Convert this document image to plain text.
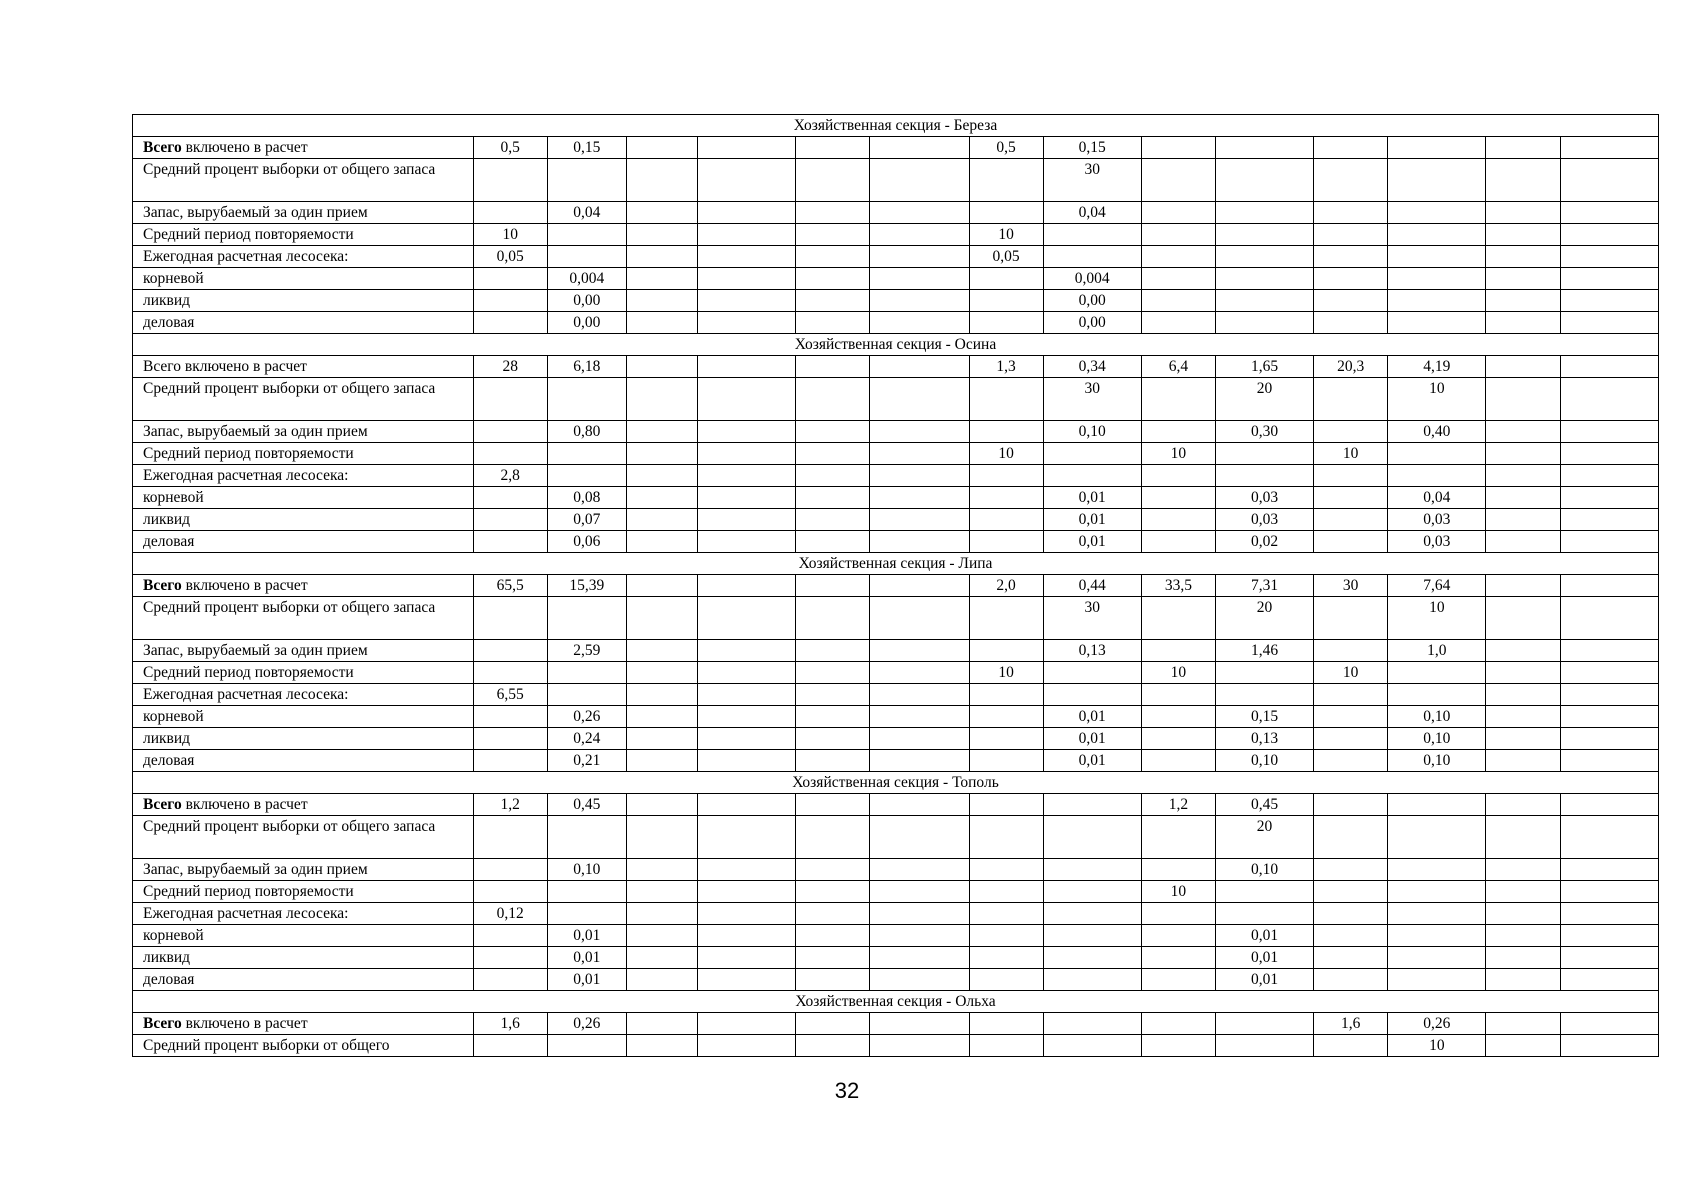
Хозяйственная секция - Береза														
Всего включено в расчет	0,5	0,15					0,5	0,15						
Средний процент выборки от общего запаса								30						
Запас, вырубаемый за один прием		0,04						0,04						
Средний период повторяемости	10						10							
Ежегодная расчетная лесосека:	0,05						0,05							
корневой		0,004						0,004						
ликвид		0,00						0,00						
деловая		0,00						0,00						
Хозяйственная секция - Осина														
Всего включено в расчет	28	6,18					1,3	0,34	6,4	1,65	20,3	4,19		
Средний процент выборки от общего запаса								30		20		10		
Запас, вырубаемый за один прием		0,80						0,10		0,30		0,40		
Средний период повторяемости							10		10		10			
Ежегодная расчетная лесосека:	2,8													
корневой		0,08						0,01		0,03		0,04		
ликвид		0,07						0,01		0,03		0,03		
деловая		0,06						0,01		0,02		0,03		
Хозяйственная секция - Липа														
Всего включено в расчет	65,5	15,39					2,0	0,44	33,5	7,31	30	7,64		
Средний процент выборки от общего запаса								30		20		10		
Запас, вырубаемый за один прием		2,59						0,13		1,46		1,0		
Средний период повторяемости							10		10		10			
Ежегодная расчетная лесосека:	6,55													
корневой		0,26						0,01		0,15		0,10		
ликвид		0,24						0,01		0,13		0,10		
деловая		0,21						0,01		0,10		0,10		
Хозяйственная секция - Тополь														
Всего включено в расчет	1,2	0,45							1,2	0,45				
Средний процент выборки от общего запаса										20				
Запас, вырубаемый за один прием		0,10								0,10				
Средний период повторяемости									10					
Ежегодная расчетная лесосека:	0,12													
корневой		0,01								0,01				
ликвид		0,01								0,01				
деловая		0,01								0,01				
Хозяйственная секция - Ольха														
Всего включено в расчет	1,6	0,26									1,6	0,26		
Средний процент выборки от общего												10		
32
